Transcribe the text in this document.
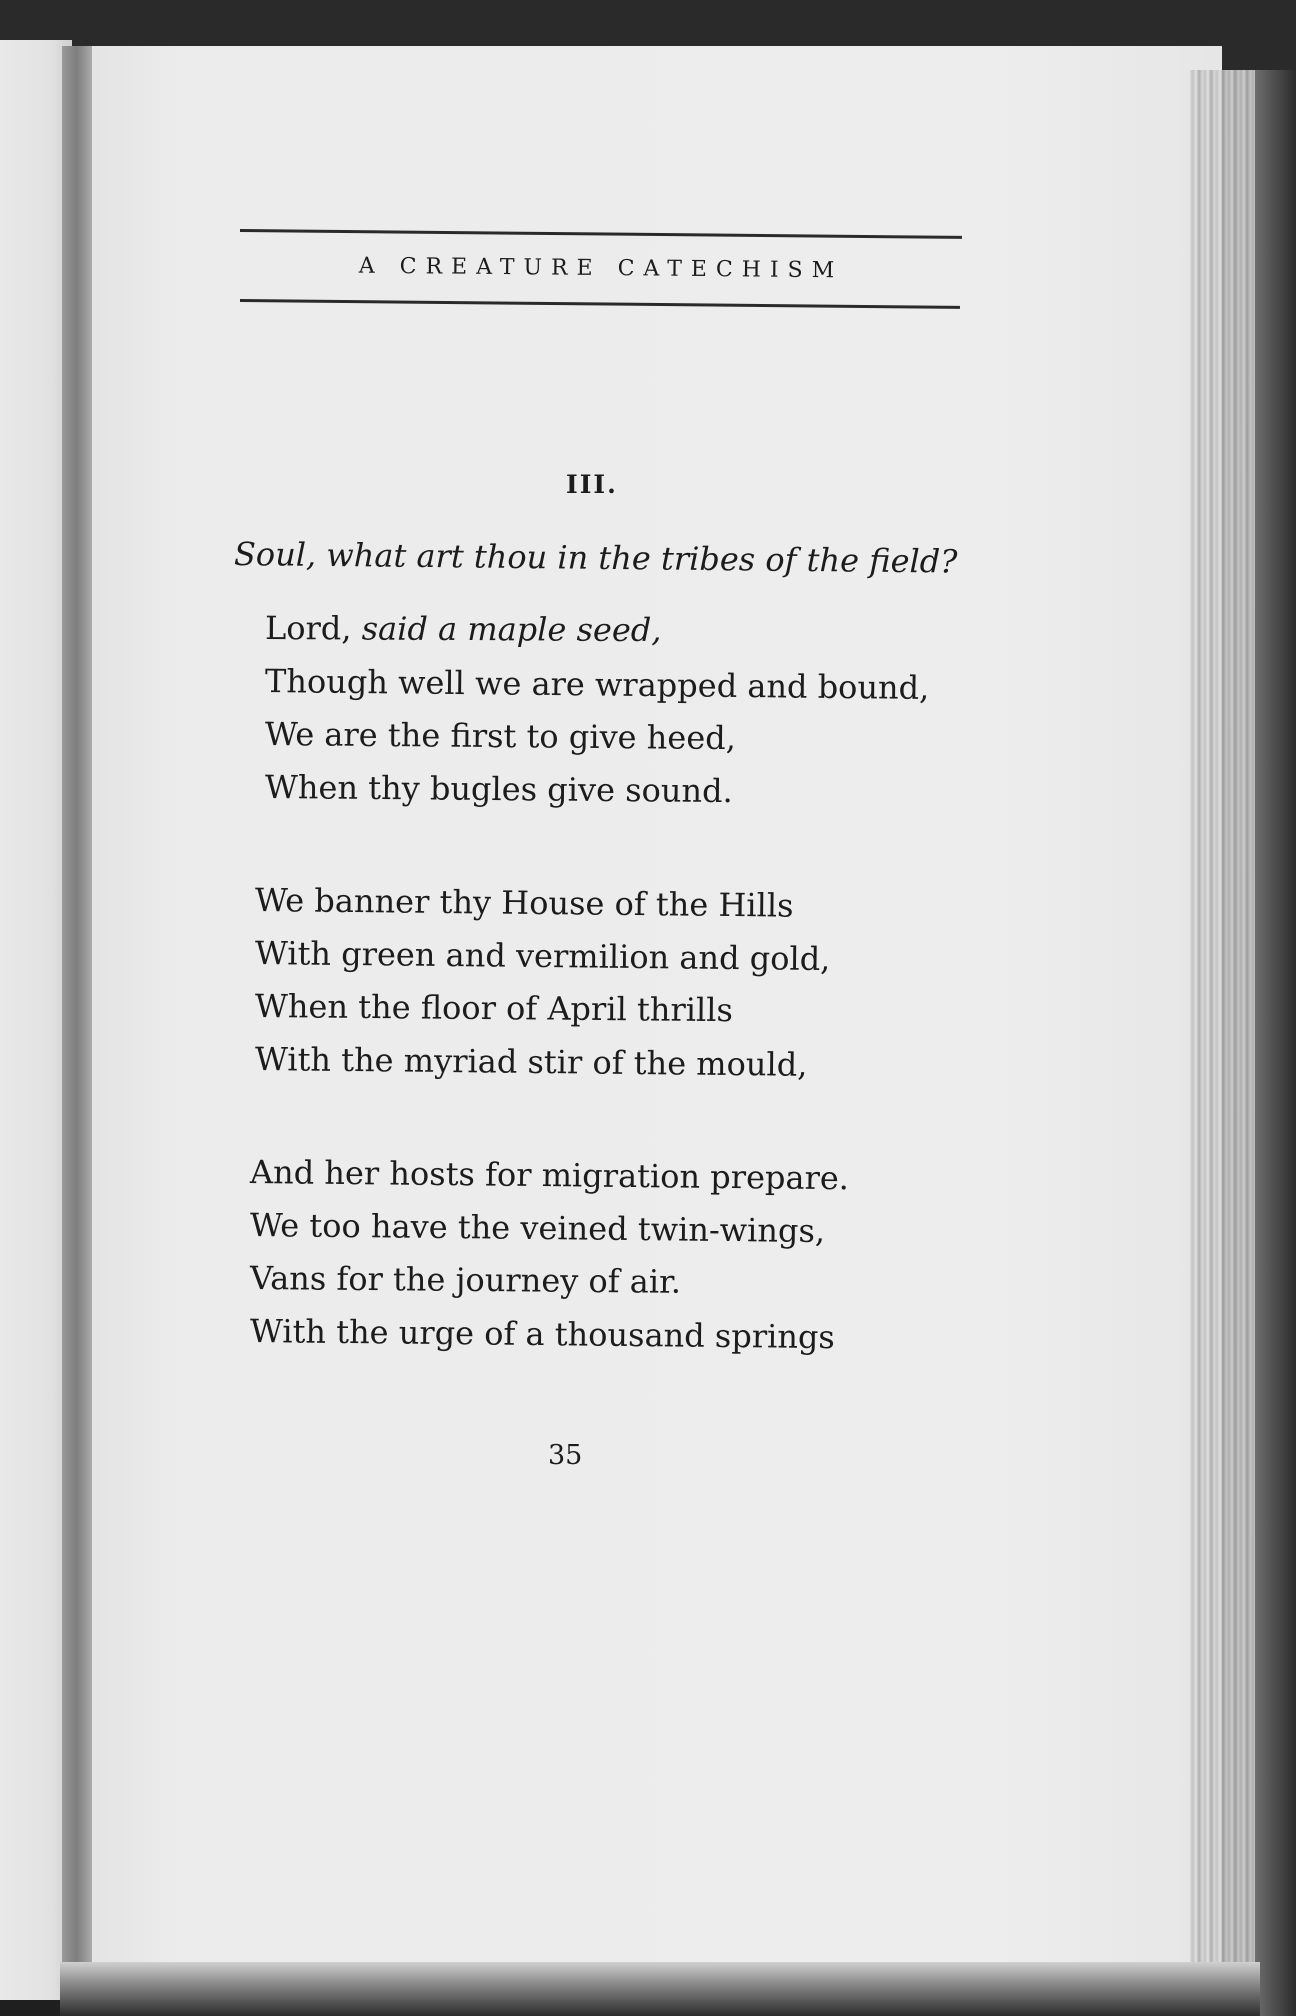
A CREATURE CATECHISM
III.
Soul, what art thou in the tribes of the field?
Lord, said a maple seed,
Though well we are wrapped and bound,
We are the first to give heed,
When thy bugles give sound.
We banner thy House of the Hills
With green and vermilion and gold,
When the floor of April thrills
With the myriad stir of the mould,
And her hosts for migration prepare.
We too have the veined twin-wings,
Vans for the journey of air.
With the urge of a thousand springs
35
